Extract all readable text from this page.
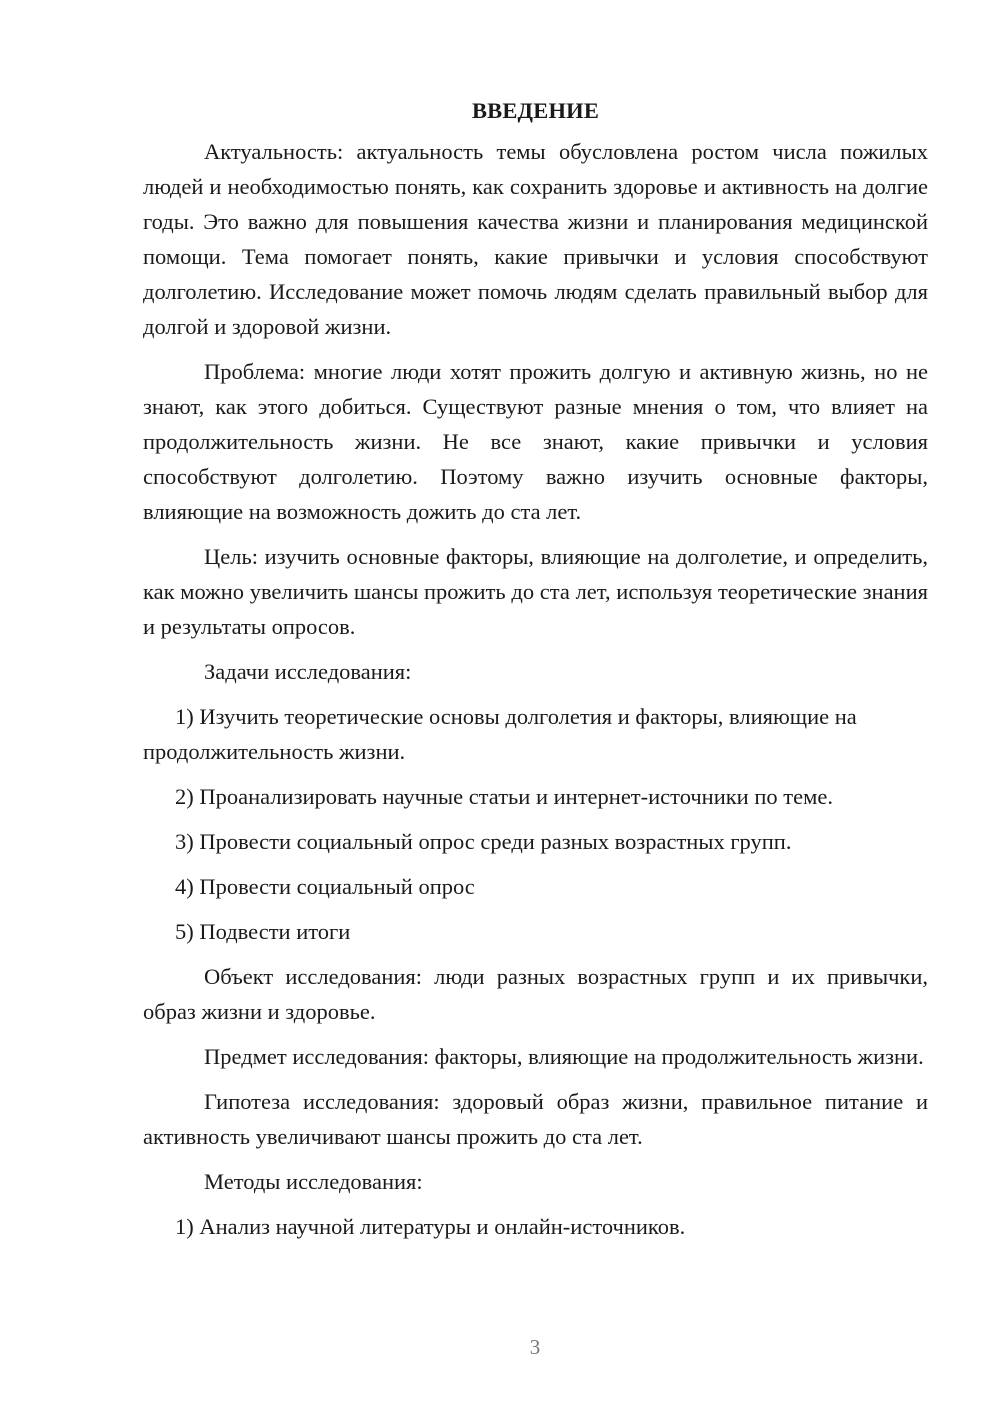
ВВЕДЕНИЕ

Актуальность: актуальность темы обусловлена ростом числа пожилых людей и необходимостью понять, как сохранить здоровье и активность на долгие годы. Это важно для повышения качества жизни и планирования медицинской помощи. Тема помогает понять, какие привычки и условия способствуют долголетию. Исследование может помочь людям сделать правильный выбор для долгой и здоровой жизни.

Проблема: многие люди хотят прожить долгую и активную жизнь, но не знают, как этого добиться. Существуют разные мнения о том, что влияет на продолжительность жизни. Не все знают, какие привычки и условия способствуют долголетию. Поэтому важно изучить основные факторы, влияющие на возможность дожить до ста лет.

Цель: изучить основные факторы, влияющие на долголетие, и определить, как можно увеличить шансы прожить до ста лет, используя теоретические знания и результаты опросов.

Задачи исследования:

1) Изучить теоретические основы долголетия и факторы, влияющие на продолжительность жизни.

2) Проанализировать научные статьи и интернет-источники по теме.

3) Провести социальный опрос среди разных возрастных групп.

4) Провести социальный опрос

5) Подвести итоги

Объект исследования: люди разных возрастных групп и их привычки, образ жизни и здоровье.

Предмет исследования: факторы, влияющие на продолжительность жизни.

Гипотеза исследования: здоровый образ жизни, правильное питание и активность увеличивают шансы прожить до ста лет.

Методы исследования:

1) Анализ научной литературы и онлайн-источников.

3
